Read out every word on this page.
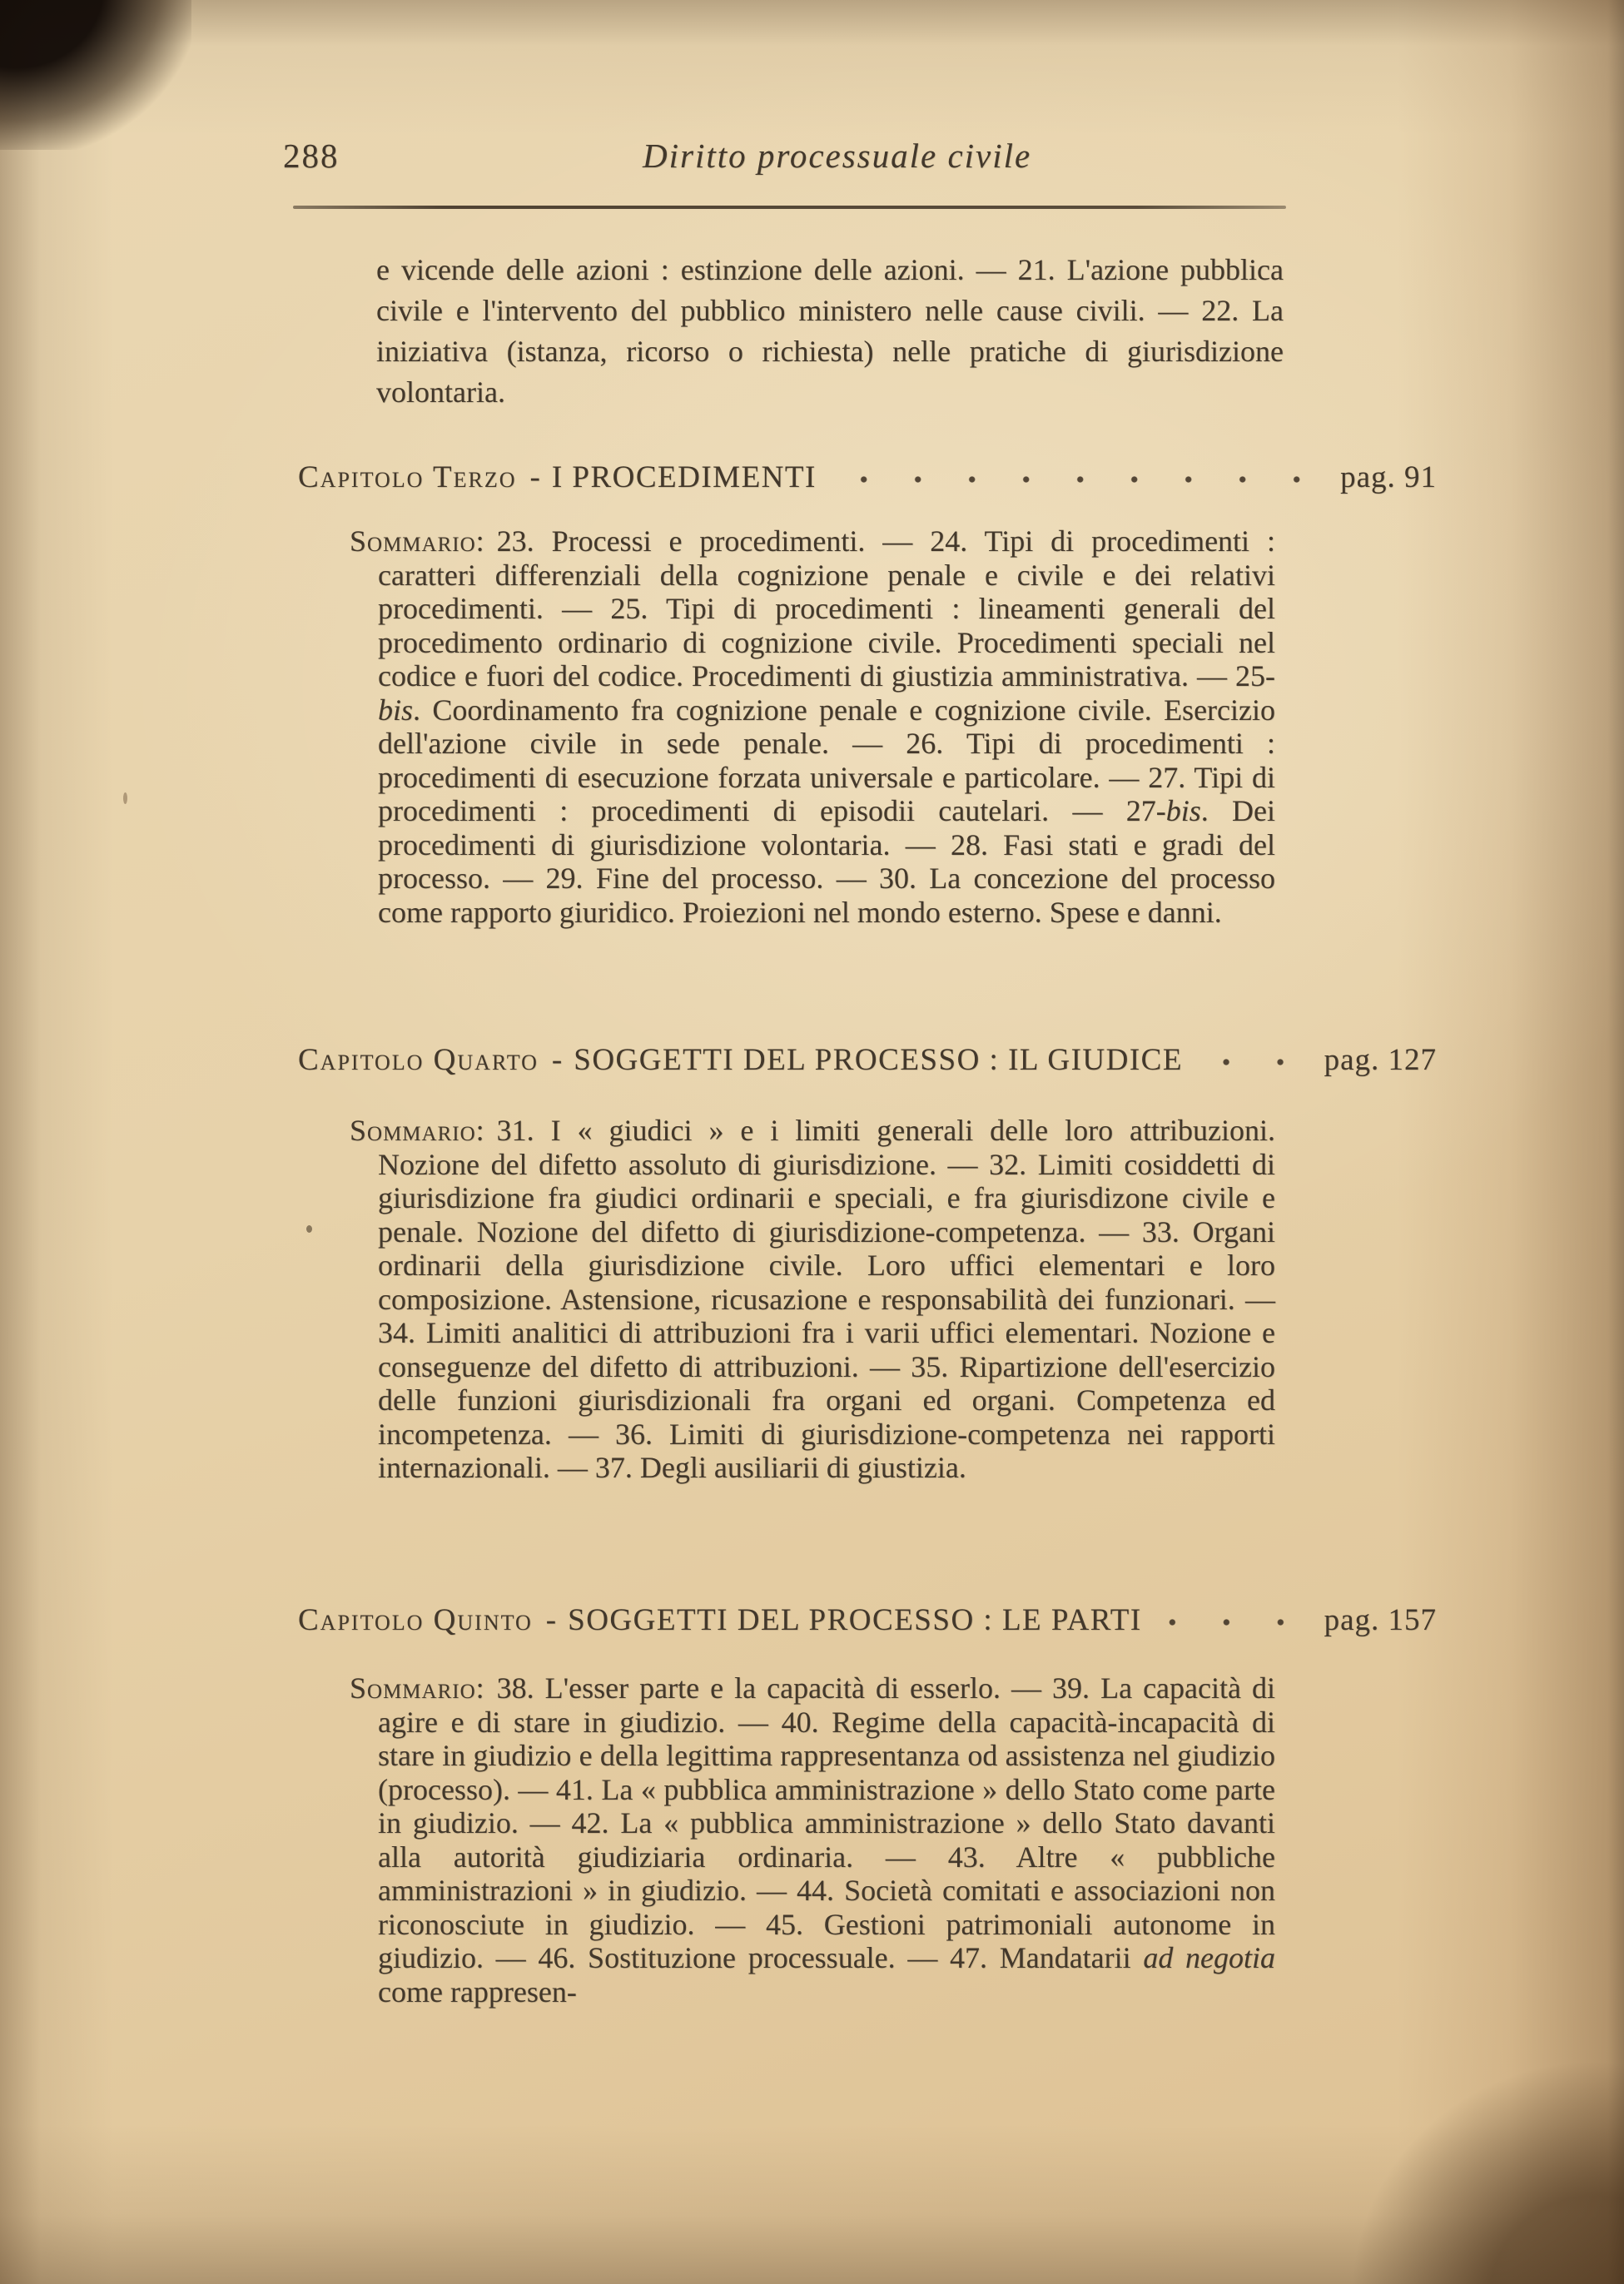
288	Diritto processuale civile
e vicende delle azioni : estinzione delle azioni. — 21. L'azione pubblica civile e l'intervento del pubblico ministero nelle cause civili. — 22. La iniziativa (istanza, ricorso o richiesta) nelle pratiche di giurisdizione volontaria.
Capitolo Terzo - I PROCEDIMENTI	pag. 91

Sommario: 23. Processi e procedimenti. — 24. Tipi di procedimenti : caratteri differenziali della cognizione penale e civile e dei relativi procedimenti. — 25. Tipi di procedimenti : lineamenti generali del procedimento ordinario di cognizione civile. Procedimenti speciali nel codice e fuori del codice. Procedimenti di giustizia amministrativa. — 25-bis. Coordinamento fra cognizione penale e cognizione civile. Esercizio dell'azione civile in sede penale. — 26. Tipi di procedimenti : procedimenti di esecuzione forzata universale e particolare. — 27. Tipi di procedimenti : procedimenti di episodii cautelari. — 27-bis. Dei procedimenti di giurisdizione volontaria. — 28. Fasi stati e gradi del processo. — 29. Fine del processo. — 30. La concezione del processo come rapporto giuridico. Proiezioni nel mondo esterno. Spese e danni.

Capitolo Quarto - SOGGETTI DEL PROCESSO : IL GIUDICE	pag. 127

Sommario: 31. I « giudici » e i limiti generali delle loro attribuzioni. Nozione del difetto assoluto di giurisdizione. — 32. Limiti cosiddetti di giurisdizione fra giudici ordinarii e speciali, e fra giurisdizone civile e penale. Nozione del difetto di giurisdizione-competenza. — 33. Organi ordinarii della giurisdizione civile. Loro uffici elementari e loro composizione. Astensione, ricusazione e responsabilità dei funzionari. — 34. Limiti analitici di attribuzioni fra i varii uffici elementari. Nozione e conseguenze del difetto di attribuzioni. — 35. Ripartizione dell'esercizio delle funzioni giurisdizionali fra organi ed organi. Competenza ed incompetenza. — 36. Limiti di giurisdizione-competenza nei rapporti internazionali. — 37. Degli ausiliarii di giustizia.

Capitolo Quinto - SOGGETTI DEL PROCESSO : LE PARTI	pag. 157

Sommario: 38. L'esser parte e la capacità di esserlo. — 39. La capacità di agire e di stare in giudizio. — 40. Regime della capacità-incapacità di stare in giudizio e della legittima rappresentanza od assistenza nel giudizio (processo). — 41. La « pubblica amministrazione » dello Stato come parte in giudizio. — 42. La « pubblica amministrazione » dello Stato davanti alla autorità giudiziaria ordinaria. — 43. Altre « pubbliche amministrazioni » in giudizio. — 44. Società comitati e associazioni non riconosciute in giudizio. — 45. Gestioni patrimoniali autonome in giudizio. — 46. Sostituzione processuale. — 47. Mandatarii ad negotia come rappresen-
